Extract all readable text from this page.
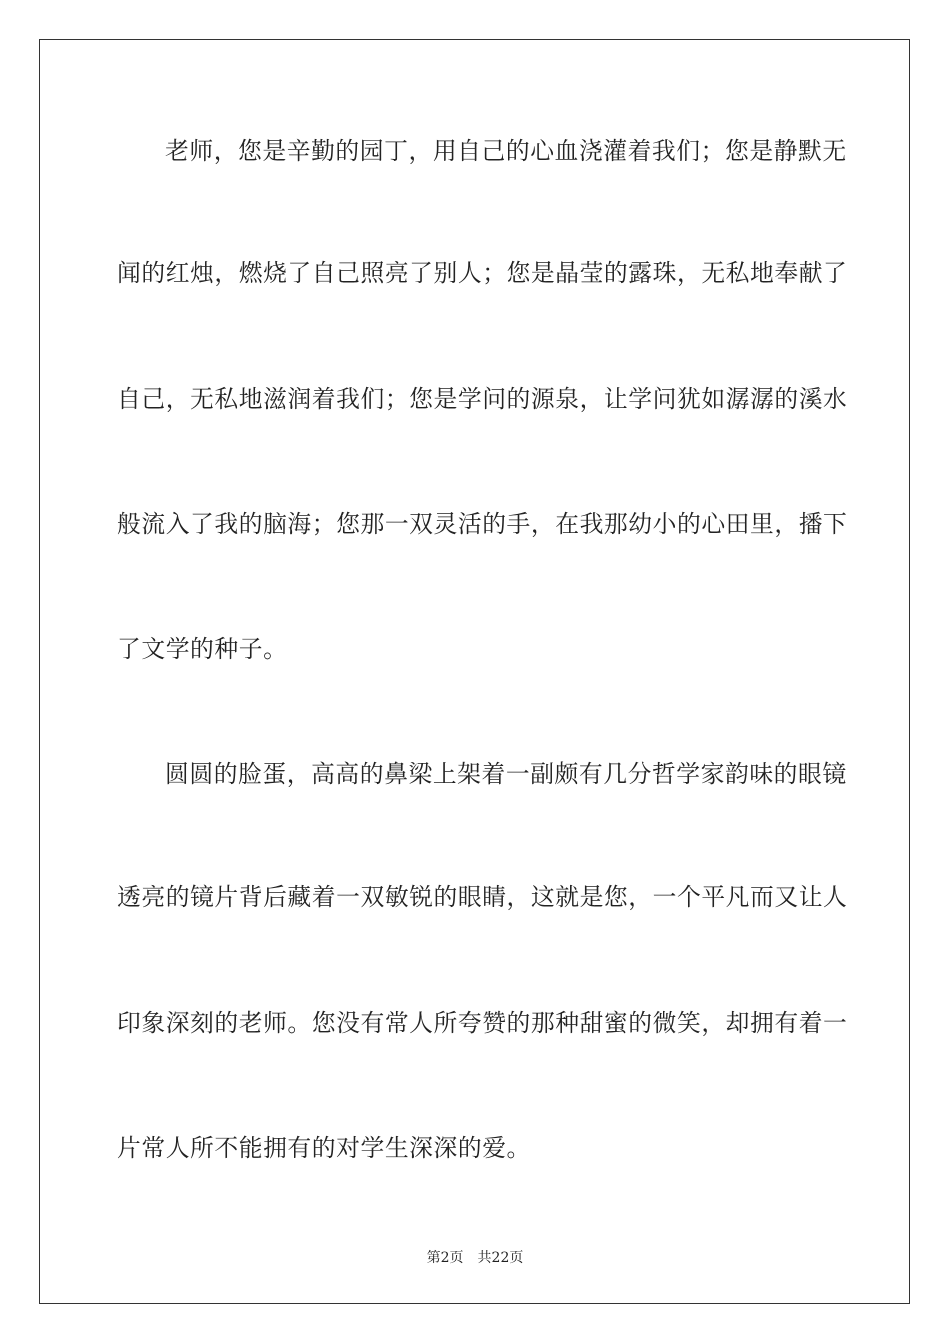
老师，您是辛勤的园丁，用自己的心血浇灌着我们；您是静默无
闻的红烛，燃烧了自己照亮了别人；您是晶莹的露珠，无私地奉献了
自己，无私地滋润着我们；您是学问的源泉，让学问犹如潺潺的溪水
般流入了我的脑海；您那一双灵活的手，在我那幼小的心田里，播下
了文学的种子。
圆圆的脸蛋，高高的鼻梁上架着一副颇有几分哲学家韵味的眼镜
透亮的镜片背后藏着一双敏锐的眼睛，这就是您，一个平凡而又让人
印象深刻的老师。您没有常人所夸赞的那种甜蜜的微笑，却拥有着一
片常人所不能拥有的对学生深深的爱。
第2页 共22页
